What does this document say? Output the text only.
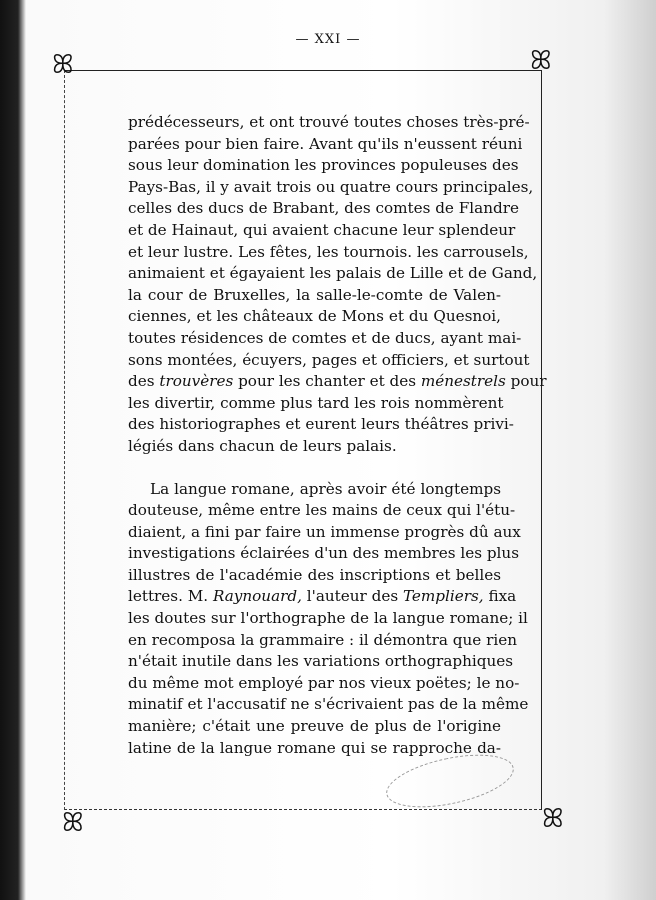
— XXI —
ꕤ	ꕤ
ꕤ	ꕤ
prédécesseurs, et ont trouvé toutes choses très-pré-
parées pour bien faire. Avant qu'ils n'eussent réuni
sous leur domination les provinces populeuses des
Pays-Bas, il y avait trois ou quatre cours principales,
celles des ducs de Brabant, des comtes de Flandre
et de Hainaut, qui avaient chacune leur splendeur
et leur lustre. Les fêtes, les tournois. les carrousels,
animaient et égayaient les palais de Lille et de Gand,
la cour de Bruxelles, la salle-le-comte de Valen-
ciennes, et les châteaux de Mons et du Quesnoi,
toutes résidences de comtes et de ducs, ayant mai-
sons montées, écuyers, pages et officiers, et surtout
des trouvères pour les chanter et des ménestrels pour
les divertir, comme plus tard les rois nommèrent
des historiographes et eurent leurs théâtres privi-
légiés dans chacun de leurs palais.
La langue romane, après avoir été longtemps
douteuse, même entre les mains de ceux qui l'étu-
diaient, a fini par faire un immense progrès dû aux
investigations éclairées d'un des membres les plus
illustres de l'académie des inscriptions et belles
lettres. M. Raynouard, l'auteur des Templiers, fixa
les doutes sur l'orthographe de la langue romane; il
en recomposa la grammaire : il démontra que rien
n'était inutile dans les variations orthographiques
du même mot employé par nos vieux poëtes; le no-
minatif et l'accusatif ne s'écrivaient pas de la même
manière; c'était une preuve de plus de l'origine
latine de la langue romane qui se rapproche da-
